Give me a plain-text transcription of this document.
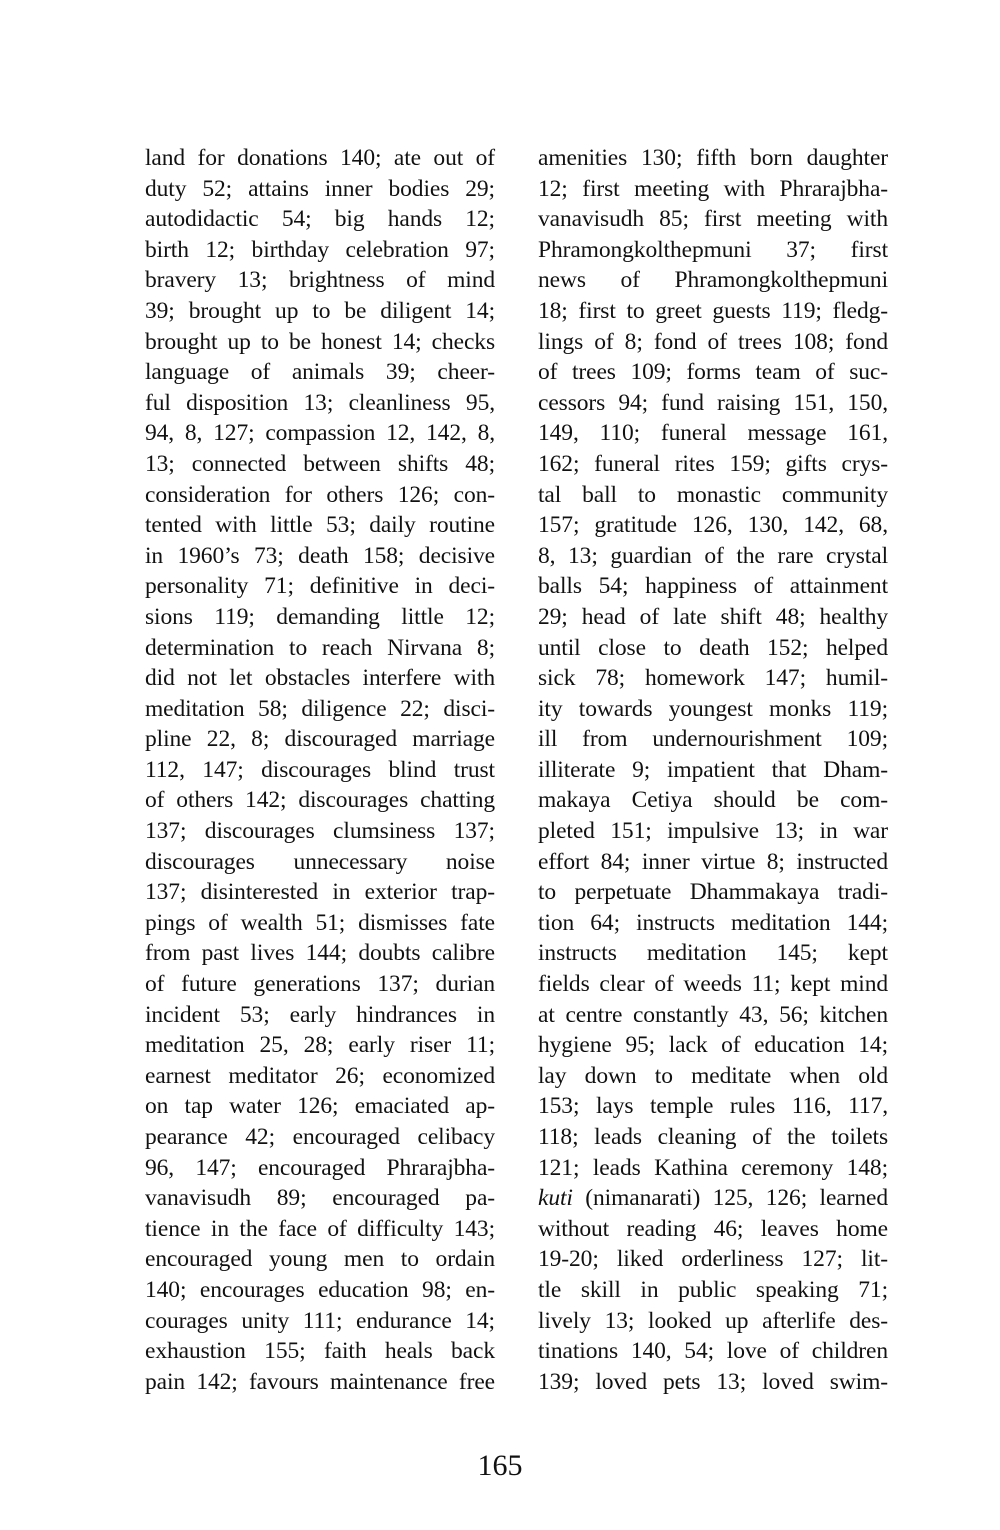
land for donations 140; ate out of
duty 52; attains inner bodies 29;
autodidactic 54; big hands 12;
birth 12; birthday celebration 97;
bravery 13; brightness of mind
39; brought up to be diligent 14;
brought up to be honest 14; checks
language of animals 39; cheer-
ful disposition 13; cleanliness 95,
94, 8, 127; compassion 12, 142, 8,
13; connected between shifts 48;
consideration for others 126; con-
tented with little 53; daily routine
in 1960’s 73; death 158; decisive
personality 71; definitive in deci-
sions 119; demanding little 12;
determination to reach Nirvana 8;
did not let obstacles interfere with
meditation 58; diligence 22; disci-
pline 22, 8; discouraged marriage
112, 147; discourages blind trust
of others 142; discourages chatting
137; discourages clumsiness 137;
discourages unnecessary noise
137; disinterested in exterior trap-
pings of wealth 51; dismisses fate
from past lives 144; doubts calibre
of future generations 137; durian
incident 53; early hindrances in
meditation 25, 28; early riser 11;
earnest meditator 26; economized
on tap water 126; emaciated ap-
pearance 42; encouraged celibacy
96, 147; encouraged Phrarajbha-
vanavisudh 89; encouraged pa-
tience in the face of difficulty 143;
encouraged young men to ordain
140; encourages education 98; en-
courages unity 111; endurance 14;
exhaustion 155; faith heals back
pain 142; favours maintenance free
amenities 130; fifth born daughter
12; first meeting with Phrarajbha-
vanavisudh 85; first meeting with
Phramongkolthepmuni 37; first
news of Phramongkolthepmuni
18; first to greet guests 119; fledg-
lings of 8; fond of trees 108; fond
of trees 109; forms team of suc-
cessors 94; fund raising 151, 150,
149, 110; funeral message 161,
162; funeral rites 159; gifts crys-
tal ball to monastic community
157; gratitude 126, 130, 142, 68,
8, 13; guardian of the rare crystal
balls 54; happiness of attainment
29; head of late shift 48; healthy
until close to death 152; helped
sick 78; homework 147; humil-
ity towards youngest monks 119;
ill from undernourishment 109;
illiterate 9; impatient that Dham-
makaya Cetiya should be com-
pleted 151; impulsive 13; in war
effort 84; inner virtue 8; instructed
to perpetuate Dhammakaya tradi-
tion 64; instructs meditation 144;
instructs meditation 145; kept
fields clear of weeds 11; kept mind
at centre constantly 43, 56; kitchen
hygiene 95; lack of education 14;
lay down to meditate when old
153; lays temple rules 116, 117,
118; leads cleaning of the toilets
121; leads Kathina ceremony 148;
kuti (nimanarati) 125, 126; learned
without reading 46; leaves home
19-20; liked orderliness 127; lit-
tle skill in public speaking 71;
lively 13; looked up afterlife des-
tinations 140, 54; love of children
139; loved pets 13; loved swim-
165
